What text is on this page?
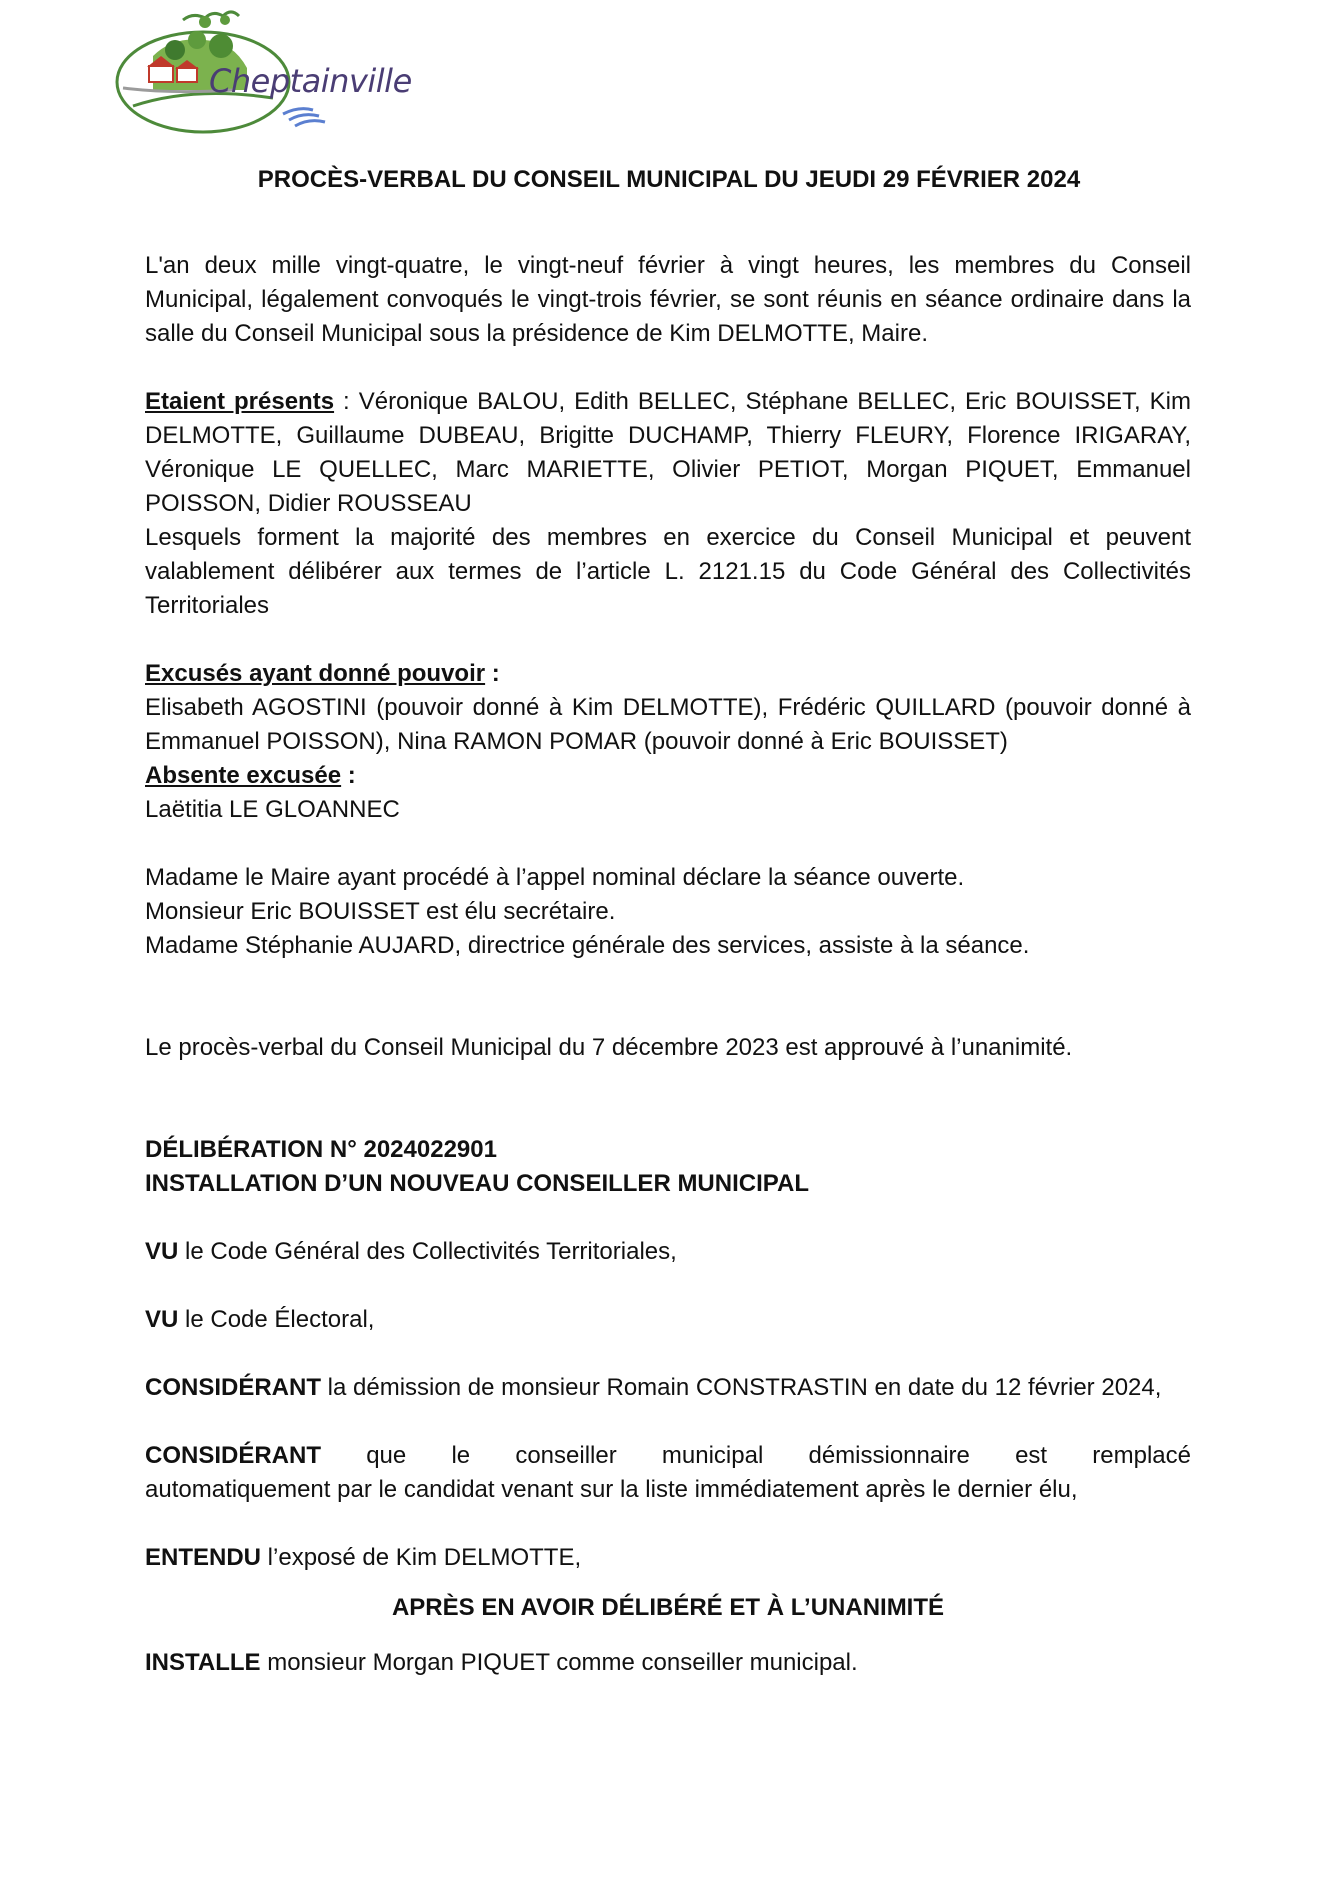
Cheptainville
PROCÈS-VERBAL DU CONSEIL MUNICIPAL DU JEUDI 29 FÉVRIER 2024

L'an deux mille vingt-quatre, le vingt-neuf février à vingt heures, les membres du Conseil Municipal, légalement convoqués le vingt-trois février, se sont réunis en séance ordinaire dans la salle du Conseil Municipal sous la présidence de Kim DELMOTTE, Maire.

Etaient présents : Véronique BALOU, Edith BELLEC, Stéphane BELLEC, Eric BOUISSET, Kim DELMOTTE, Guillaume DUBEAU, Brigitte DUCHAMP, Thierry FLEURY, Florence IRIGARAY, Véronique LE QUELLEC, Marc MARIETTE, Olivier PETIOT, Morgan PIQUET, Emmanuel POISSON, Didier ROUSSEAU

Lesquels forment la majorité des membres en exercice du Conseil Municipal et peuvent valablement délibérer aux termes de l’article L. 2121.15 du Code Général des Collectivités Territoriales

Excusés ayant donné pouvoir :

Elisabeth AGOSTINI (pouvoir donné à Kim DELMOTTE), Frédéric QUILLARD (pouvoir donné à Emmanuel POISSON), Nina RAMON POMAR (pouvoir donné à Eric BOUISSET)

Absente excusée :

Laëtitia LE GLOANNEC

Madame le Maire ayant procédé à l’appel nominal déclare la séance ouverte.

Monsieur Eric BOUISSET est élu secrétaire.

Madame Stéphanie AUJARD, directrice générale des services, assiste à la séance.

Le procès-verbal du Conseil Municipal du 7 décembre 2023 est approuvé à l’unanimité.

DÉLIBÉRATION N° 2024022901

INSTALLATION D’UN NOUVEAU CONSEILLER MUNICIPAL

VU le Code Général des Collectivités Territoriales,

VU le Code Électoral,

CONSIDÉRANT la démission de monsieur Romain CONSTRASTIN en date du 12 février 2024,

CONSIDÉRANT que le conseiller municipal démissionnaire est remplacé

automatiquement par le candidat venant sur la liste immédiatement après le dernier élu,

ENTENDU l’exposé de Kim DELMOTTE,

APRÈS EN AVOIR DÉLIBÉRÉ ET À L’UNANIMITÉ

INSTALLE monsieur Morgan PIQUET comme conseiller municipal.
